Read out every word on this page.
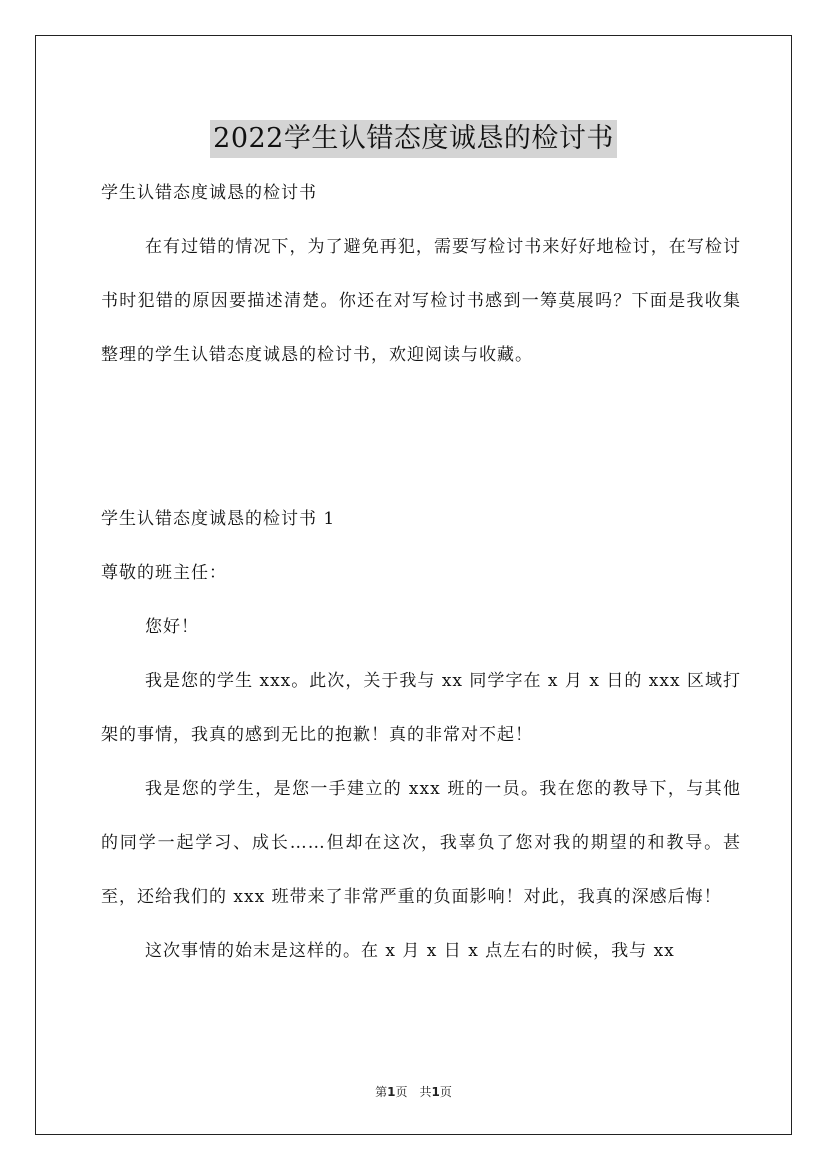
2022学生认错态度诚恳的检讨书

学生认错态度诚恳的检讨书

在有过错的情况下，为了避免再犯，需要写检讨书来好好地检讨，在写检讨书时犯错的原因要描述清楚。你还在对写检讨书感到一筹莫展吗？下面是我收集整理的学生认错态度诚恳的检讨书，欢迎阅读与收藏。

学生认错态度诚恳的检讨书 1

尊敬的班主任：

您好！

我是您的学生 xxx。此次，关于我与 xx 同学字在 x 月 x 日的 xxx 区域打架的事情，我真的感到无比的抱歉！真的非常对不起！

我是您的学生，是您一手建立的 xxx 班的一员。我在您的教导下，与其他的同学一起学习、成长……但却在这次，我辜负了您对我的期望的和教导。甚至，还给我们的 xxx 班带来了非常严重的负面影响！对此，我真的深感后悔！

这次事情的始末是这样的。在 x 月 x 日 x 点左右的时候，我与 xx

第1页　共1页
